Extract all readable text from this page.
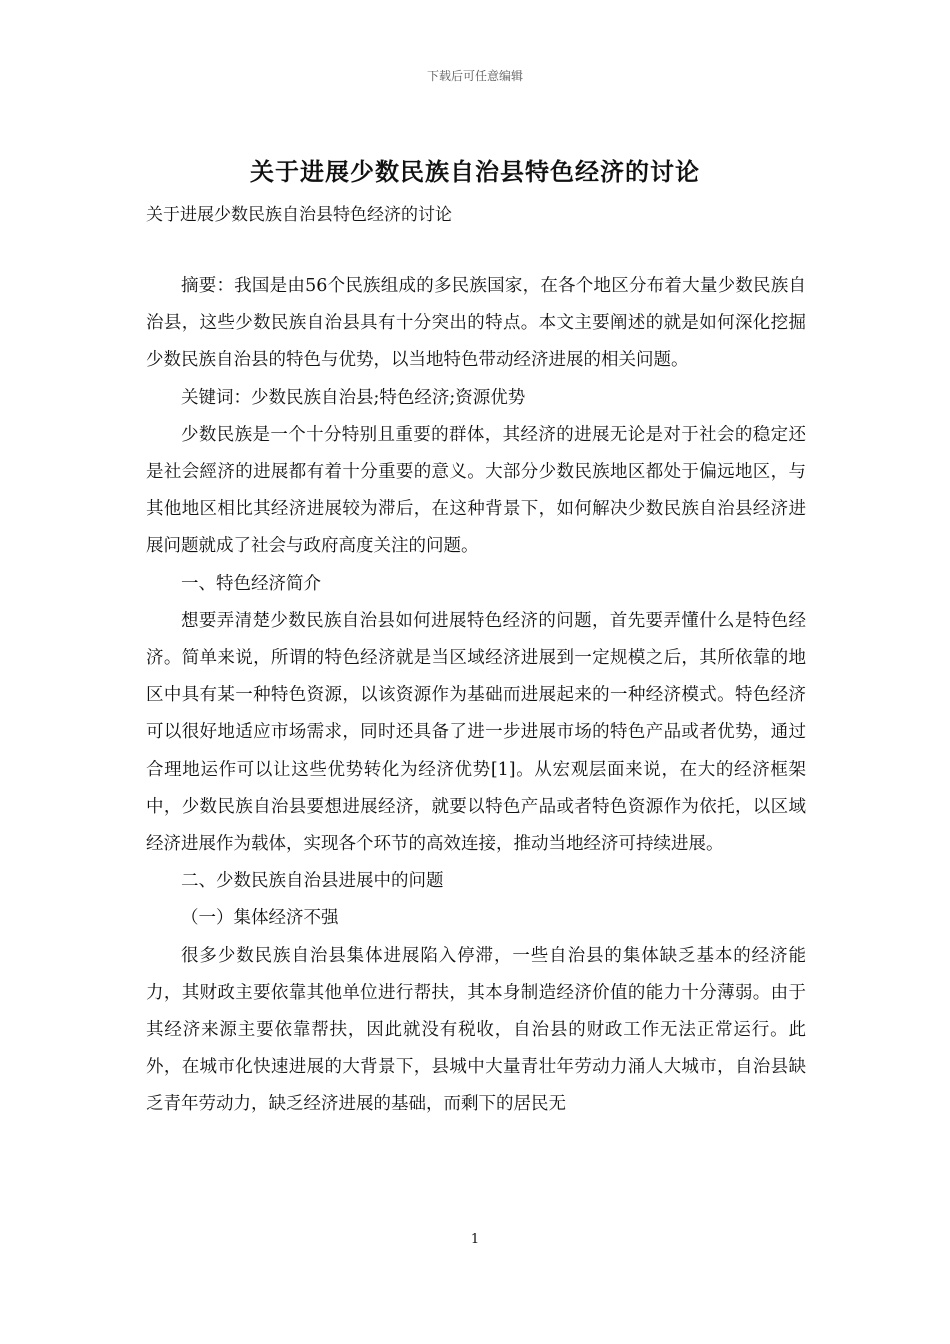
下载后可任意编辑
关于进展少数民族自治县特色经济的讨论
关于进展少数民族自治县特色经济的讨论

摘要：我国是由56个民族组成的多民族国家，在各个地区分布着大量少数民族自治县，这些少数民族自治县具有十分突出的特点。本文主要阐述的就是如何深化挖掘少数民族自治县的特色与优势，以当地特色带动经济进展的相关问题。

关键词：少数民族自治县;特色经济;资源优势

少数民族是一个十分特别且重要的群体，其经济的进展无论是对于社会的稳定还是社会經济的进展都有着十分重要的意义。大部分少数民族地区都处于偏远地区，与其他地区相比其经济进展较为滞后，在这种背景下，如何解决少数民族自治县经济进展问题就成了社会与政府高度关注的问题。

一、特色经济简介

想要弄清楚少数民族自治县如何进展特色经济的问题，首先要弄懂什么是特色经济。简单来说，所谓的特色经济就是当区域经济进展到一定规模之后，其所依靠的地区中具有某一种特色资源，以该资源作为基础而进展起来的一种经济模式。特色经济可以很好地适应市场需求，同时还具备了进一步进展市场的特色产品或者优势，通过合理地运作可以让这些优势转化为经济优势[1]。从宏观层面来说，在大的经济框架中，少数民族自治县要想进展经济，就要以特色产品或者特色资源作为依托，以区域经济进展作为载体，实现各个环节的高效连接，推动当地经济可持续进展。

二、少数民族自治县进展中的问题

（一）集体经济不强

很多少数民族自治县集体进展陷入停滞，一些自治县的集体缺乏基本的经济能力，其财政主要依靠其他单位进行帮扶，其本身制造经济价值的能力十分薄弱。由于其经济来源主要依靠帮扶，因此就没有税收，自治县的财政工作无法正常运行。此外，在城市化快速进展的大背景下，县城中大量青壮年劳动力涌人大城市，自治县缺乏青年劳动力，缺乏经济进展的基础，而剩下的居民无

1
